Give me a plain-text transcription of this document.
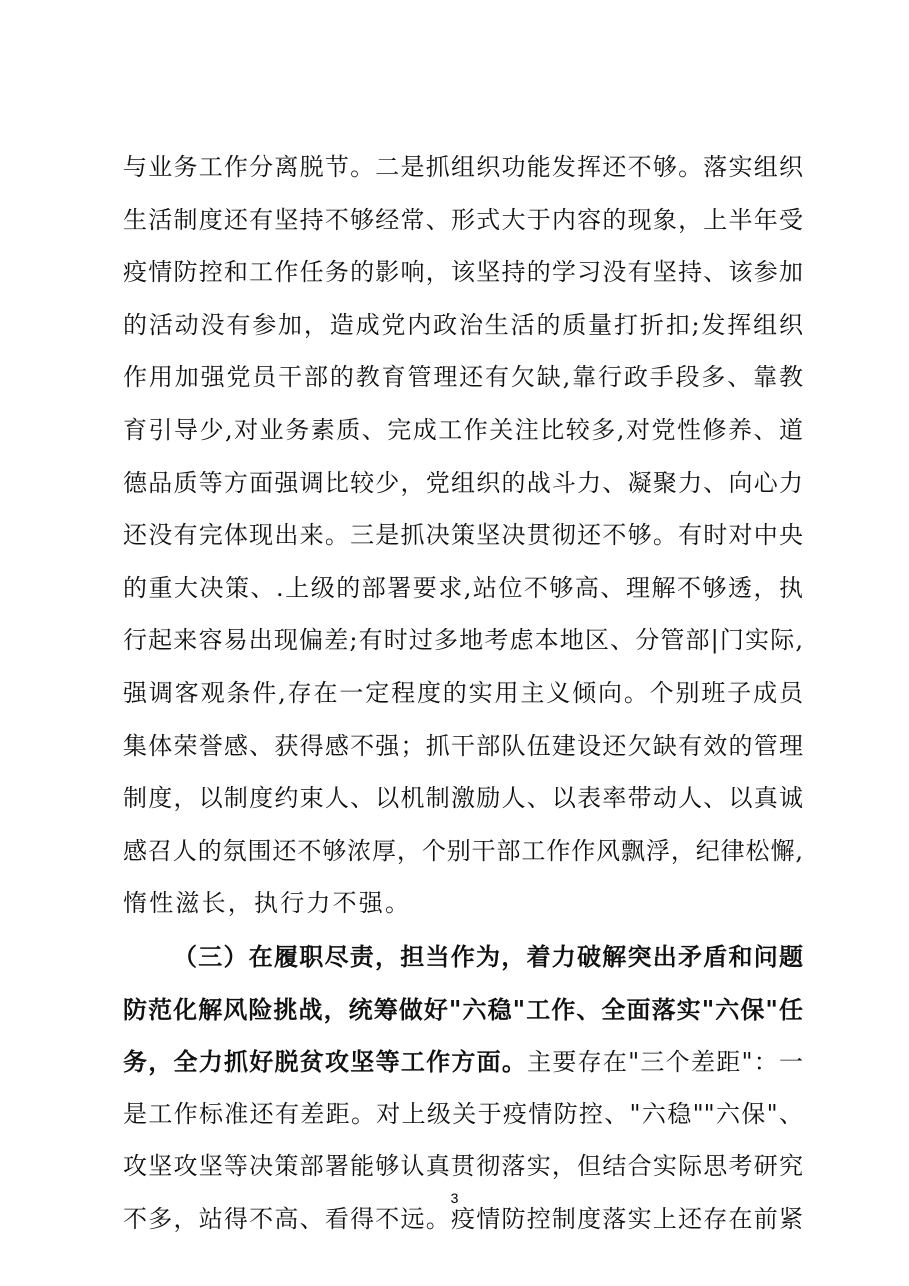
与业务工作分离脱节。二是抓组织功能发挥还不够。落实组织
生活制度还有坚持不够经常、形式大于内容的现象，上半年受
疫情防控和工作任务的影响，该坚持的学习没有坚持、该参加
的活动没有参加，造成党内政治生活的质量打折扣;发挥组织
作用加强党员干部的教育管理还有欠缺,靠行政手段多、靠教
育引导少,对业务素质、完成工作关注比较多,对党性修养、道
德品质等方面强调比较少，党组织的战斗力、凝聚力、向心力
还没有完体现出来。三是抓决策坚决贯彻还不够。有时对中央
的重大决策、.上级的部署要求,站位不够高、理解不够透，执
行起来容易出现偏差;有时过多地考虑本地区、分管部|门实际,
强调客观条件,存在一定程度的实用主义倾向。个别班子成员
集体荣誉感、获得感不强；抓干部队伍建设还欠缺有效的管理
制度，以制度约束人、以机制激励人、以表率带动人、以真诚
感召人的氛围还不够浓厚，个别干部工作作风飘浮，纪律松懈,
惰性滋长，执行力不强。
（三）在履职尽责，担当作为，着力破解突出矛盾和问题
防范化解风险挑战，统筹做好"六稳"工作、全面落实"六保"任
务，全力抓好脱贫攻坚等工作方面。主要存在"三个差距"：一
是工作标准还有差距。对上级关于疫情防控、"六稳""六保"、
攻坚攻坚等决策部署能够认真贯彻落实，但结合实际思考研究
不多，站得不高、看得不远。疫情防控制度落实上还存在前紧
3
